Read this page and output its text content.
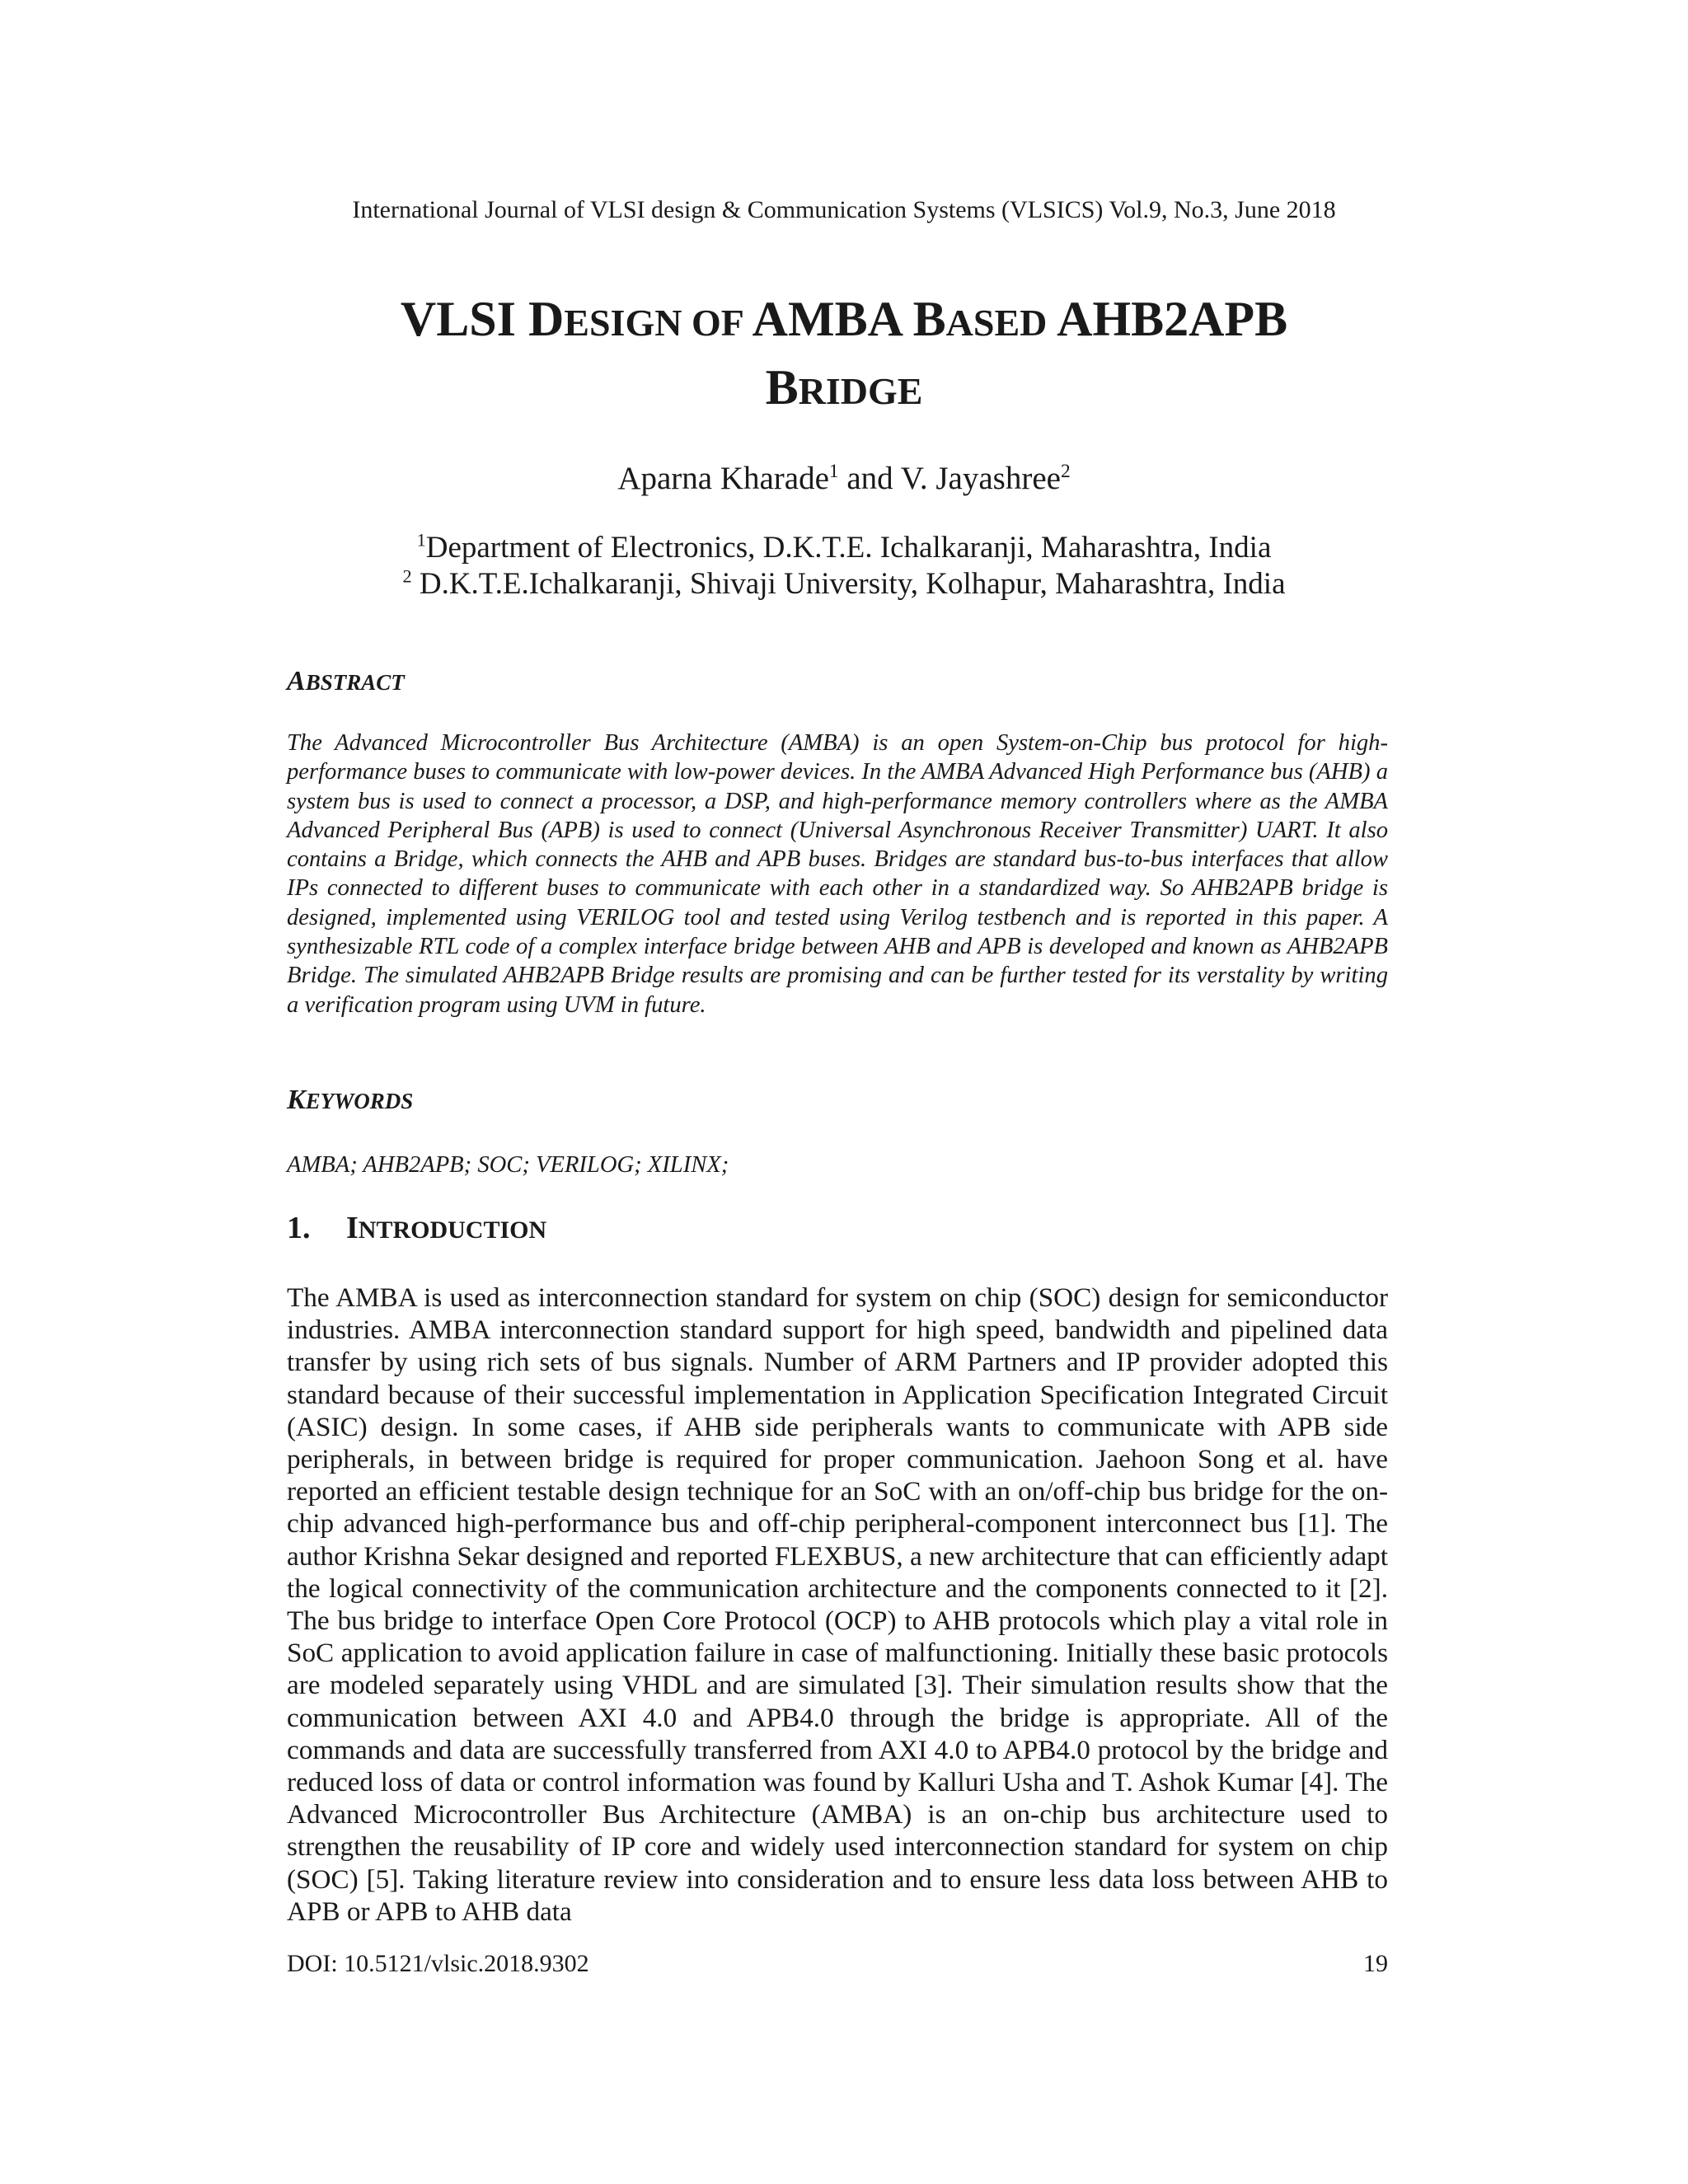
International Journal of VLSI design & Communication Systems (VLSICS) Vol.9, No.3, June 2018
VLSI DESIGN OF AMBA BASED AHB2APB
BRIDGE
Aparna Kharade$^1$ and V. Jayashree$^2$
$^1$Department of Electronics, D.K.T.E. Ichalkaranji, Maharashtra, India
$^2$ D.K.T.E.Ichalkaranji, Shivaji University, Kolhapur, Maharashtra, India
ABSTRACT
The Advanced Microcontroller Bus Architecture (AMBA) is an open System-on-Chip bus protocol for high-performance buses to communicate with low-power devices. In the AMBA Advanced High Performance bus (AHB) a system bus is used to connect a processor, a DSP, and high-performance memory controllers where as the AMBA Advanced Peripheral Bus (APB) is used to connect (Universal Asynchronous Receiver Transmitter) UART. It also contains a Bridge, which connects the AHB and APB buses. Bridges are standard bus-to-bus interfaces that allow IPs connected to different buses to communicate with each other in a standardized way. So AHB2APB bridge is designed, implemented using VERILOG tool and tested using Verilog testbench and is reported in this paper. A synthesizable RTL code of a complex interface bridge between AHB and APB is developed and known as AHB2APB Bridge. The simulated AHB2APB Bridge results are promising and can be further tested for its verstality by writing a verification program using UVM in future.
KEYWORDS
AMBA; AHB2APB; SOC; VERILOG; XILINX;
1. INTRODUCTION
The AMBA is used as interconnection standard for system on chip (SOC) design for semiconductor industries. AMBA interconnection standard support for high speed, bandwidth and pipelined data transfer by using rich sets of bus signals. Number of ARM Partners and IP provider adopted this standard because of their successful implementation in Application Specification Integrated Circuit (ASIC) design. In some cases, if AHB side peripherals wants to communicate with APB side peripherals, in between bridge is required for proper communication. Jaehoon Song et al. have reported an efficient testable design technique for an SoC with an on/off-chip bus bridge for the on-chip advanced high-performance bus and off-chip peripheral-component interconnect bus [1]. The author Krishna Sekar designed and reported FLEXBUS, a new architecture that can efficiently adapt the logical connectivity of the communication architecture and the components connected to it [2]. The bus bridge to interface Open Core Protocol (OCP) to AHB protocols which play a vital role in SoC application to avoid application failure in case of malfunctioning. Initially these basic protocols are modeled separately using VHDL and are simulated [3]. Their simulation results show that the communication between AXI 4.0 and APB4.0 through the bridge is appropriate. All of the commands and data are successfully transferred from AXI 4.0 to APB4.0 protocol by the bridge and reduced loss of data or control information was found by Kalluri Usha and T. Ashok Kumar [4]. The Advanced Microcontroller Bus Architecture (AMBA) is an on-chip bus architecture used to strengthen the reusability of IP core and widely used interconnection standard for system on chip (SOC) [5]. Taking literature review into consideration and to ensure less data loss between AHB to APB or APB to AHB data
DOI: 10.5121/vlsic.2018.9302	19
